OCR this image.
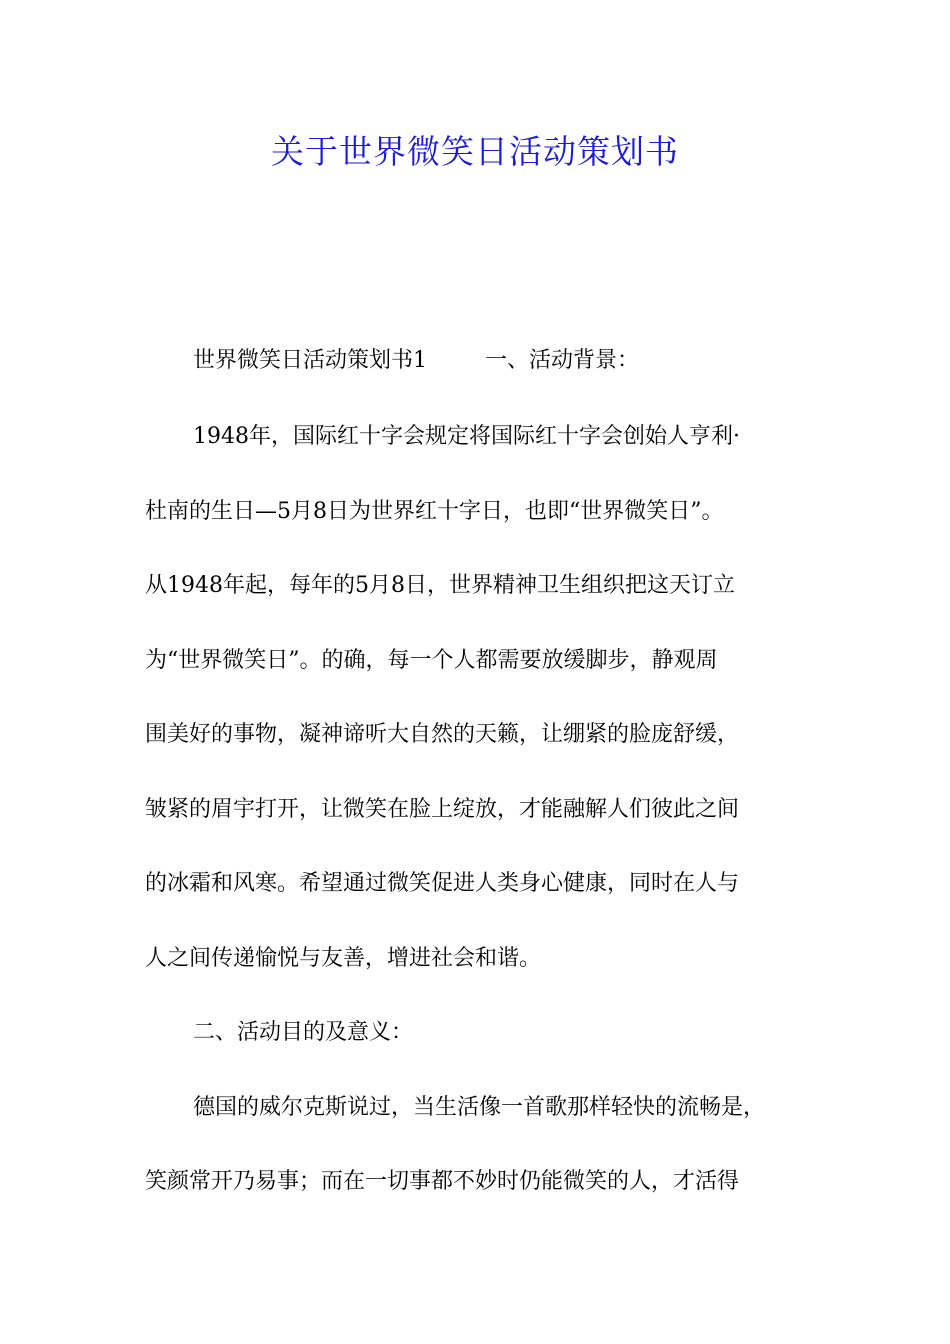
关于世界微笑日活动策划书
世界微笑日活动策划书1	一、活动背景：
1948年，国际红十字会规定将国际红十字会创始人亨利·
杜南的生日—5月8日为世界红十字日，也即“世界微笑日”。
从1948年起，每年的5月8日，世界精神卫生组织把这天订立
为“世界微笑日”。的确，每一个人都需要放缓脚步，静观周
围美好的事物，凝神谛听大自然的天籁，让绷紧的脸庞舒缓，
皱紧的眉宇打开，让微笑在脸上绽放，才能融解人们彼此之间
的冰霜和风寒。希望通过微笑促进人类身心健康，同时在人与
人之间传递愉悦与友善，增进社会和谐。
二、活动目的及意义：
德国的威尔克斯说过，当生活像一首歌那样轻快的流畅是，
笑颜常开乃易事；而在一切事都不妙时仍能微笑的人，才活得
